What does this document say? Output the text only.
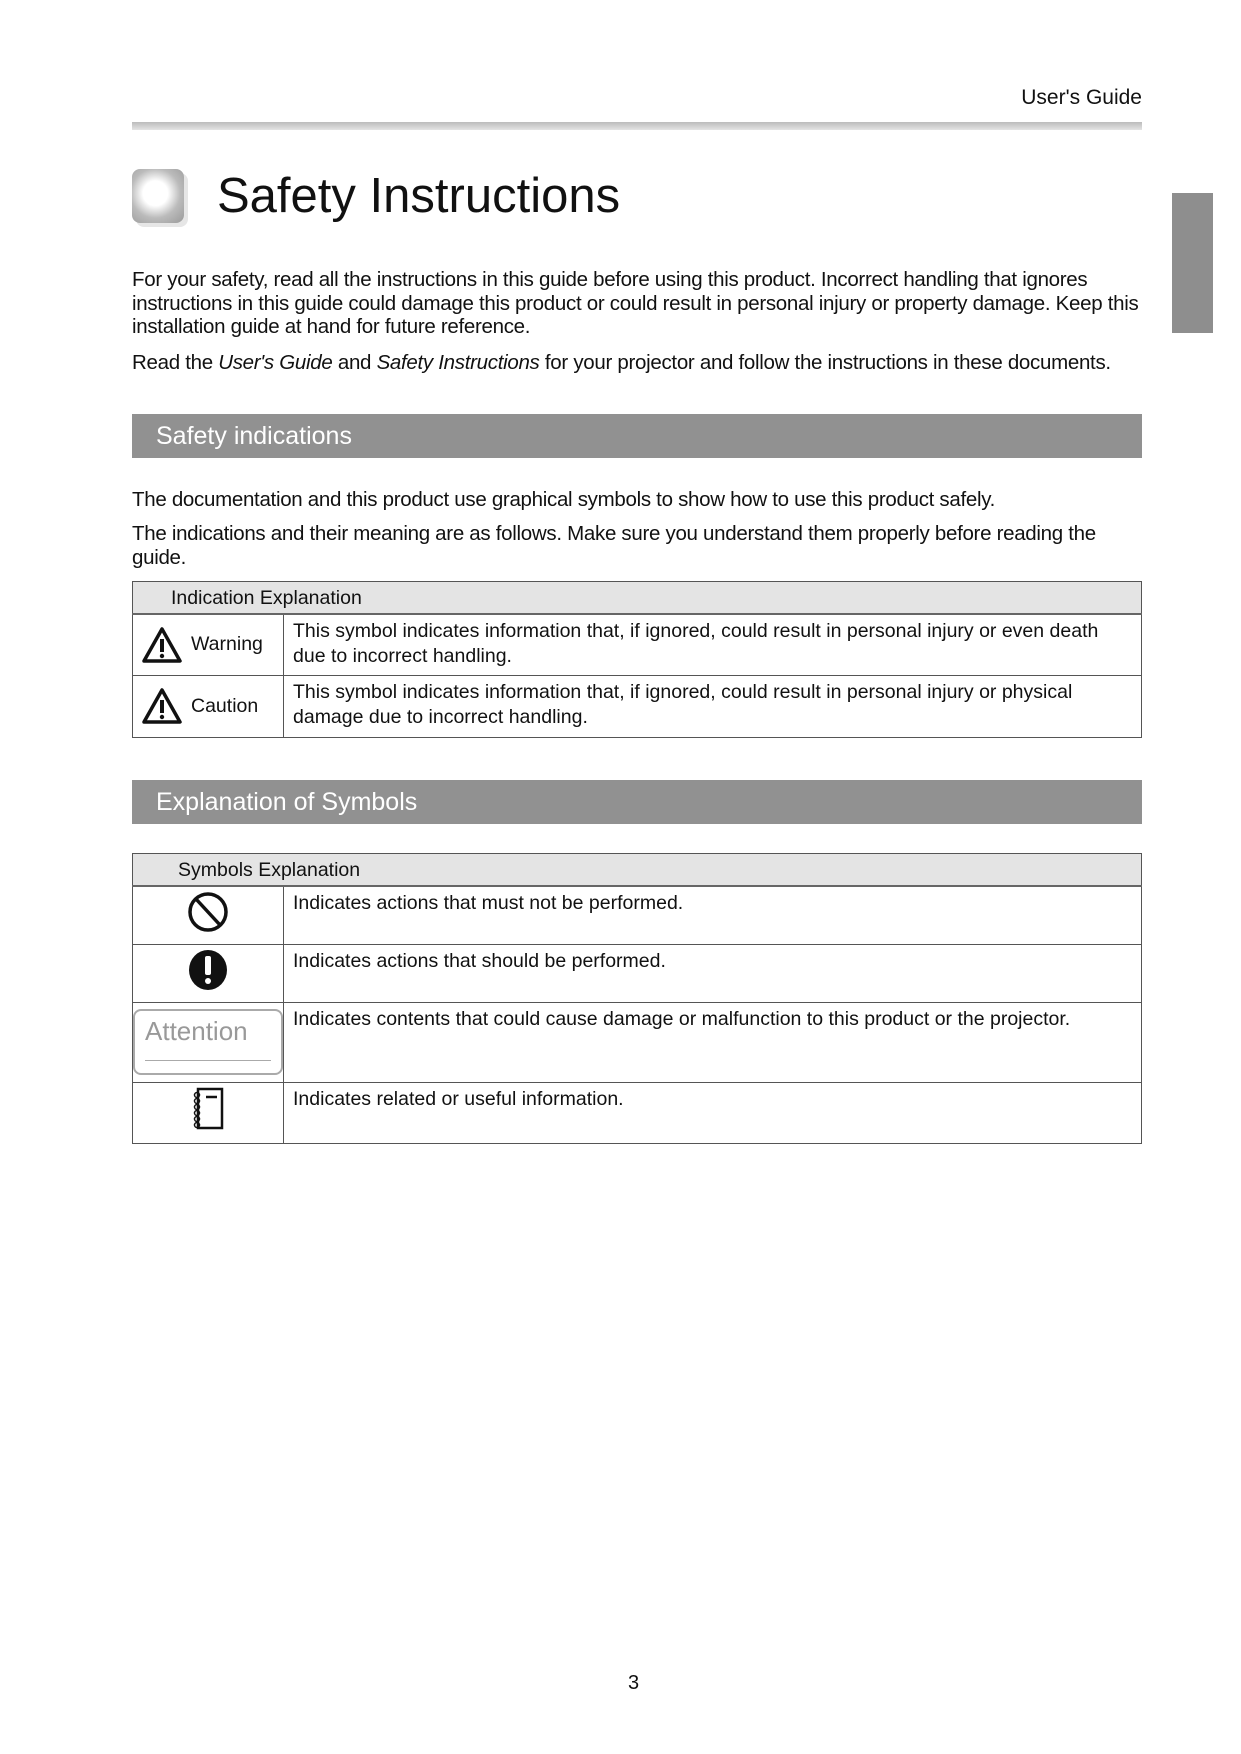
User's Guide
Safety Instructions
For your safety, read all the instructions in this guide before using this product. Incorrect handling that ignores instructions in this guide could damage this product or could result in personal injury or property damage. Keep this installation guide at hand for future reference.
Read the User's Guide and Safety Instructions for your projector and follow the instructions in these documents.
Safety indications
The documentation and this product use graphical symbols to show how to use this product safely.
The indications and their meaning are as follows. Make sure you understand them properly before reading the guide.
Indication Explanation	

Warning	This symbol indicates information that, if ignored, could result in personal injury or even death due to incorrect handling.

Caution	This symbol indicates information that, if ignored, could result in personal injury or physical damage due to incorrect handling.
Explanation of Symbols
Symbols Explanation	
	Indicates actions that must not be performed.
	Indicates actions that should be performed.
Attention	Indicates contents that could cause damage or malfunction to this product or the projector.
	Indicates related or useful information.
3
